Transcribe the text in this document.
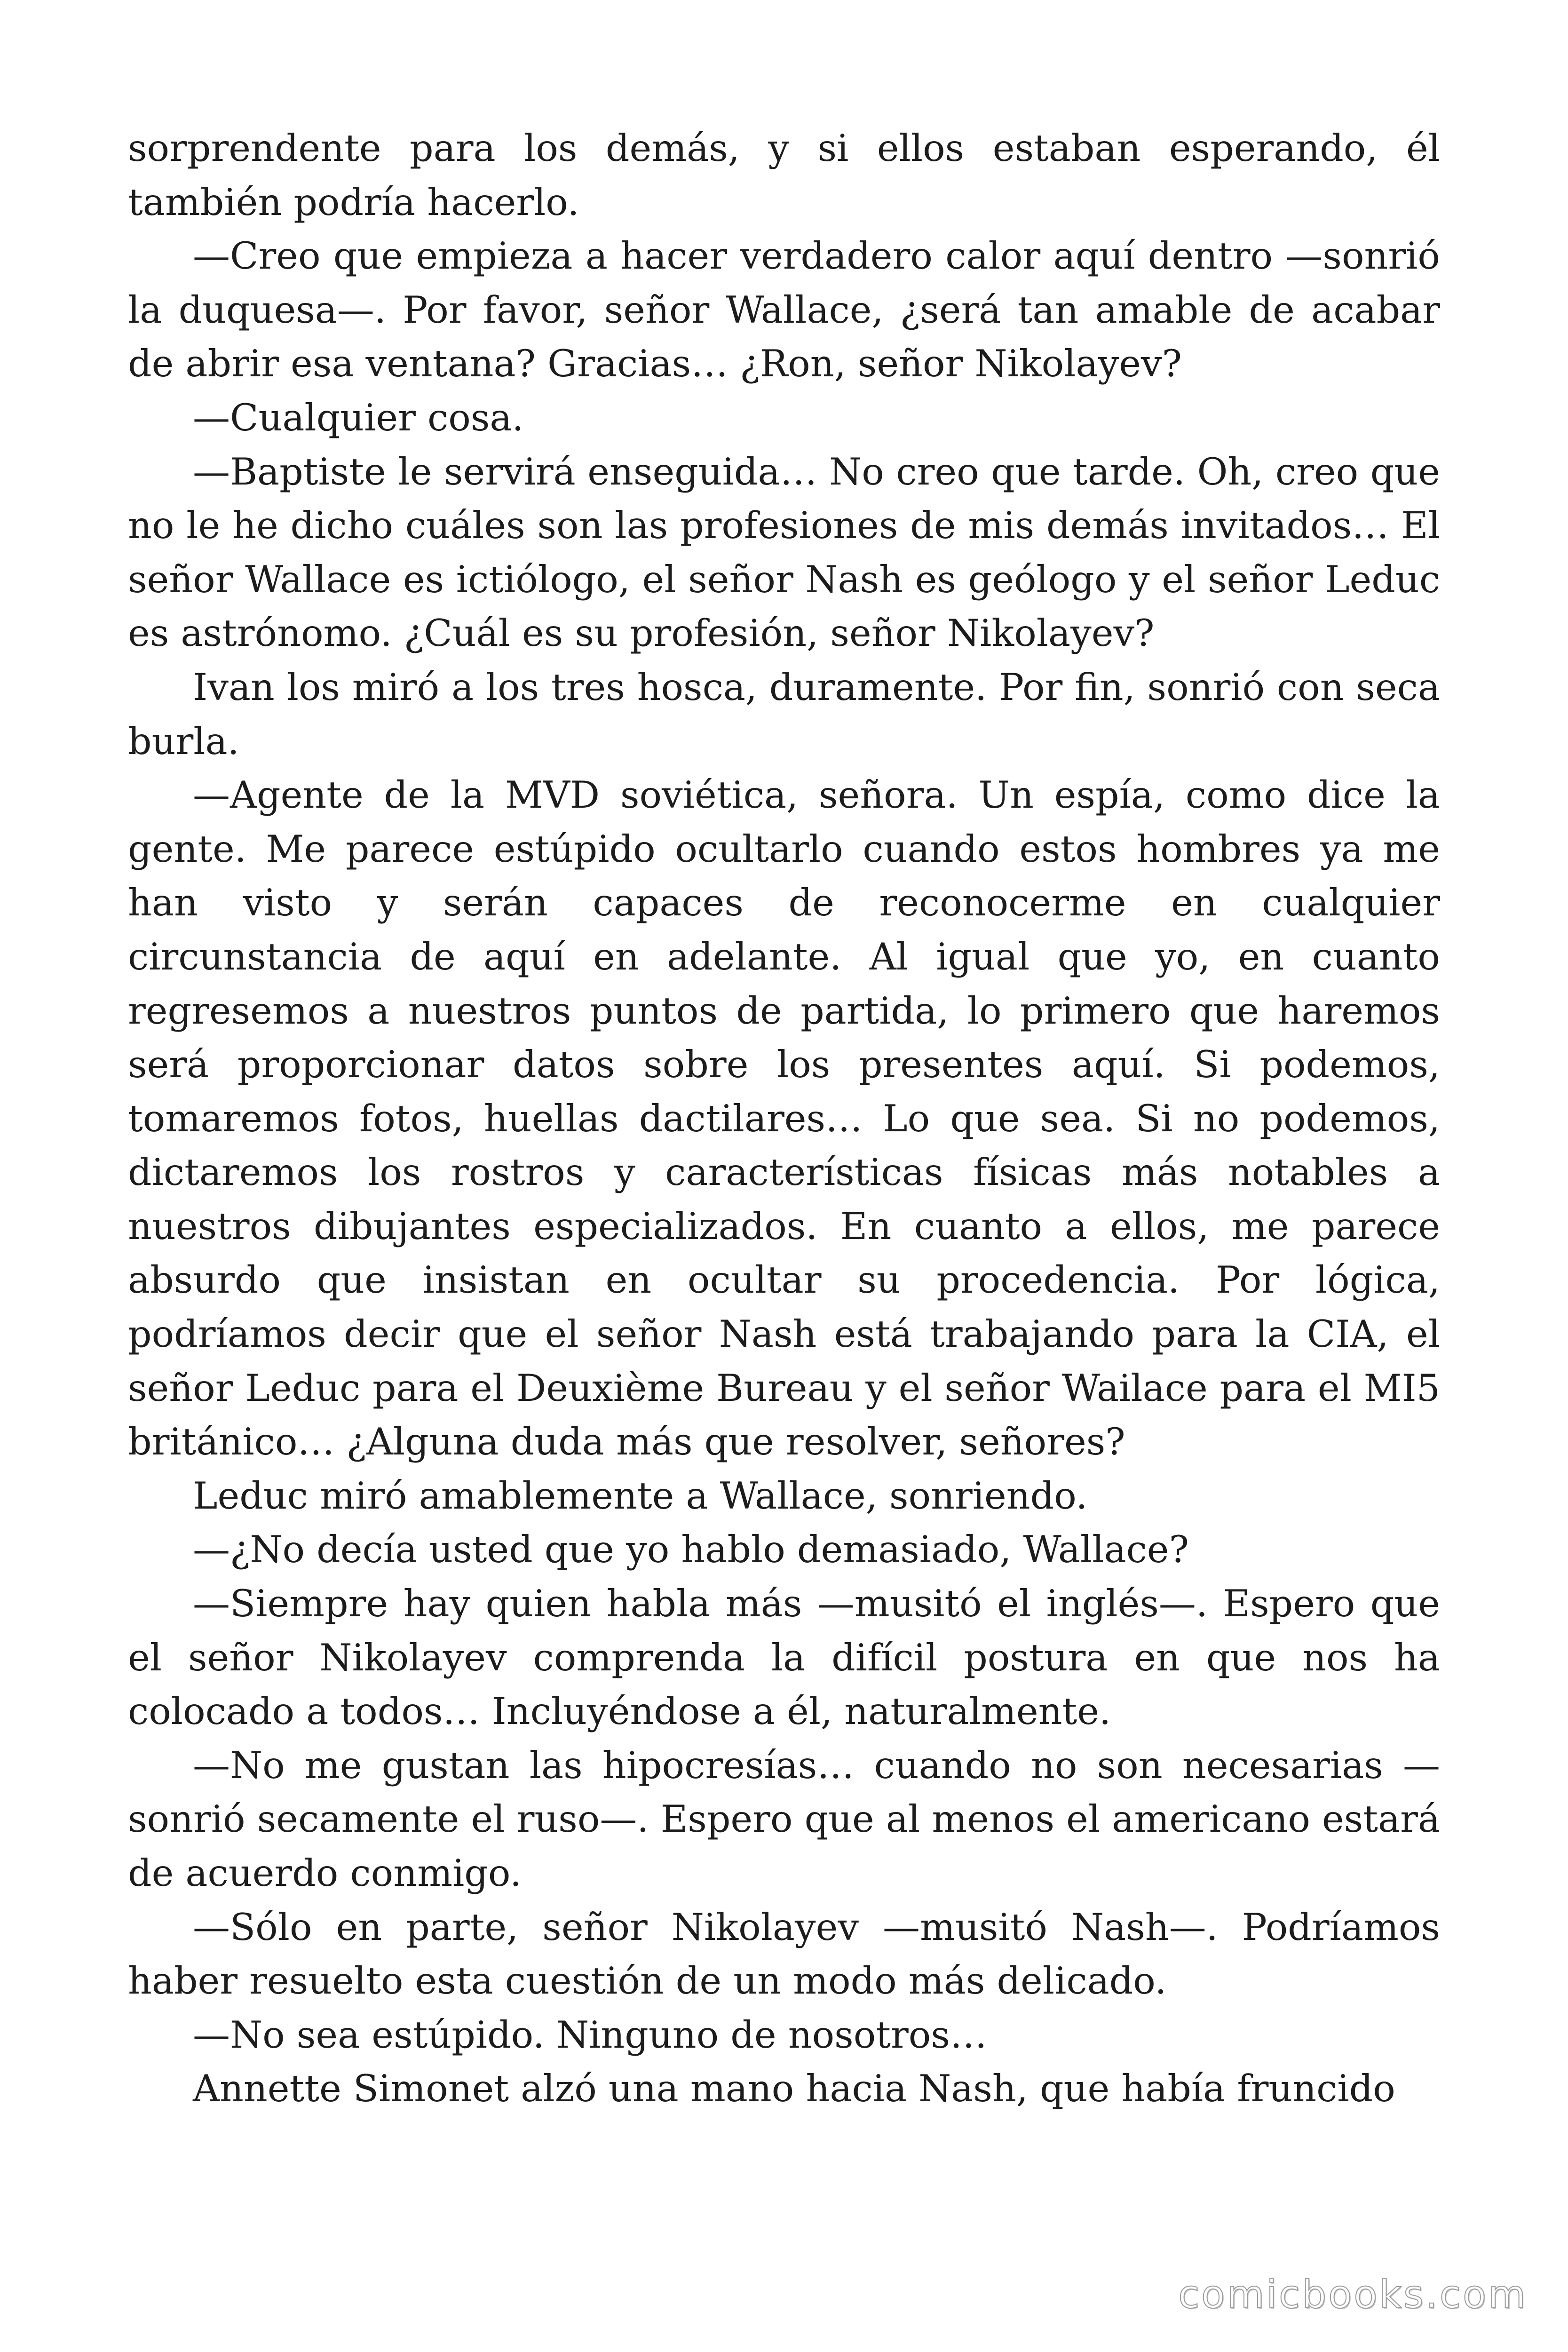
sorprendente para los demás, y si ellos estaban esperando, él también podría hacerlo.

—Creo que empieza a hacer verdadero calor aquí dentro —sonrió la duquesa—. Por favor, señor Wallace, ¿será tan amable de acabar de abrir esa ventana? Gracias… ¿Ron, señor Nikolayev?

—Cualquier cosa.

—Baptiste le servirá enseguida… No creo que tarde. Oh, creo que no le he dicho cuáles son las profesiones de mis demás invitados… El señor Wallace es ictiólogo, el señor Nash es geólogo y el señor Leduc es astrónomo. ¿Cuál es su profesión, señor Nikolayev?

Ivan los miró a los tres hosca, duramente. Por fin, sonrió con seca burla.

—Agente de la MVD soviética, señora. Un espía, como dice la gente. Me parece estúpido ocultarlo cuando estos hombres ya me han visto y serán capaces de reconocerme en cualquier circunstancia de aquí en adelante. Al igual que yo, en cuanto regresemos a nuestros puntos de partida, lo primero que haremos será proporcionar datos sobre los presentes aquí. Si podemos, tomaremos fotos, huellas dactilares… Lo que sea. Si no podemos, dictaremos los rostros y características físicas más notables a nuestros dibujantes especializados. En cuanto a ellos, me parece absurdo que insistan en ocultar su procedencia. Por lógica, podríamos decir que el señor Nash está trabajando para la CIA, el señor Leduc para el Deuxième Bureau y el señor Wailace para el MI5 británico… ¿Alguna duda más que resolver, señores?

Leduc miró amablemente a Wallace, sonriendo.

—¿No decía usted que yo hablo demasiado, Wallace?

—Siempre hay quien habla más —musitó el inglés—. Espero que el señor Nikolayev comprenda la difícil postura en que nos ha colocado a todos… Incluyéndose a él, naturalmente.

—No me gustan las hipocresías… cuando no son necesarias —sonrió secamente el ruso—. Espero que al menos el americano estará de acuerdo conmigo.

—Sólo en parte, señor Nikolayev —musitó Nash—. Podríamos haber resuelto esta cuestión de un modo más delicado.

—No sea estúpido. Ninguno de nosotros…

Annette Simonet alzó una mano hacia Nash, que había fruncido

comicbooks.com
